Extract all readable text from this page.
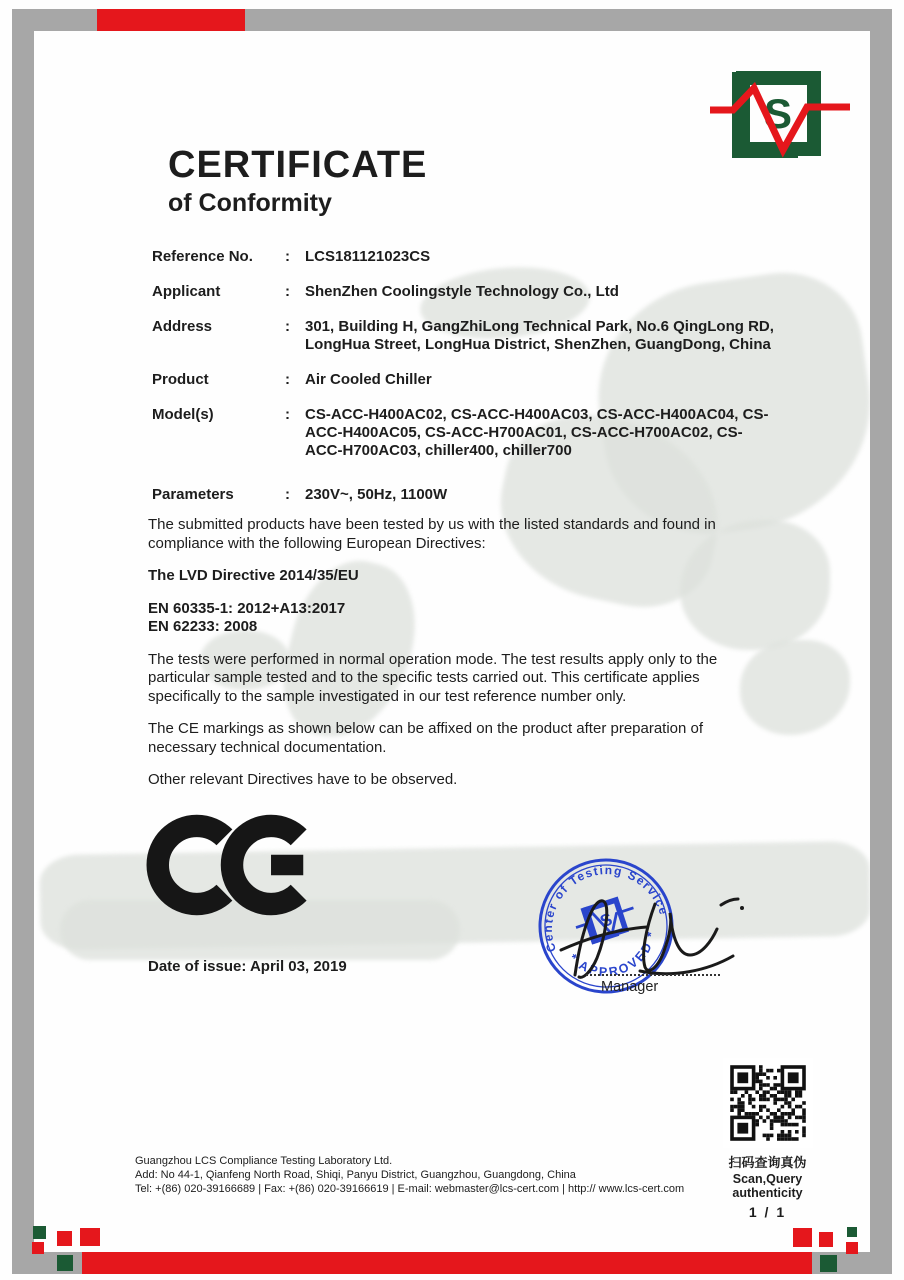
S
CERTIFICATE
of Conformity
Reference No.	:	LCS181121023CS
Applicant	:	ShenZhen Coolingstyle Technology Co., Ltd
Address	:	301, Building H, GangZhiLong Technical Park, No.6 QingLong RD, LongHua Street, LongHua District, ShenZhen, GuangDong, China
Product	:	Air Cooled Chiller
Model(s)	:	CS-ACC-H400AC02, CS-ACC-H400AC03, CS-ACC-H400AC04, CS-ACC-H400AC05, CS-ACC-H700AC01, CS-ACC-H700AC02, CS-ACC-H700AC03, chiller400, chiller700
Parameters	:	230V~, 50Hz, 1100W

The submitted products have been tested by us with the listed standards and found in compliance with the following European Directives:

The LVD Directive 2014/35/EU

EN 60335-1: 2012+A13:2017
EN 62233: 2008

The tests were performed in normal operation mode. The test results apply only to the particular sample tested and to the specific tests carried out. This certificate applies specifically to the sample investigated in our test reference number only.

The CE markings as shown below can be affixed on the product after preparation of necessary technical documentation.

Other relevant Directives have to be observed.

Date of issue: April 03, 2019
Center of Testing Service
* APPROVED *
S
Manager
扫码查询真伪
Scan,Query authenticity
1 / 1
Guangzhou LCS Compliance Testing Laboratory Ltd.
Add: No 44-1, Qianfeng North Road, Shiqi, Panyu District, Guangzhou, Guangdong, China
Tel: +(86) 020-39166689 | Fax: +(86) 020-39166619 | E-mail: webmaster@lcs-cert.com | http:// www.lcs-cert.com
